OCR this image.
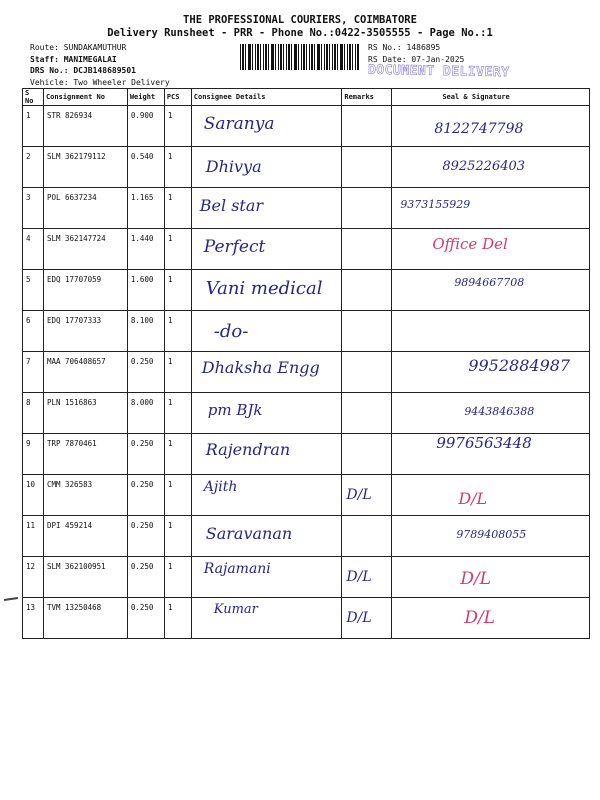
THE PROFESSIONAL COURIERS, COIMBATORE
Delivery Runsheet - PRR - Phone No.:0422-3505555 - Page No.:1
Route: SUNDAKAMUTHUR
Staff: MANIMEGALAI
DRS No.: DCJB148689501
Vehicle: Two Wheeler Delivery
RS No.: 1486895
RS Date: 07-Jan-2025
DOCUMENT DELIVERY
S No	Consignment No	Weight	PCS	Consignee Details	Remarks	Seal & Signature
1	STR 826934	0.900	1	Saranya		8122747798

2	SLM 362179112	0.540	1	Dhivya		8925226403

3	POL 6637234	1.165	1	Bel star		9373155929

4	SLM 362147724	1.440	1	Perfect		Office Del

5	EDQ 17707059	1.600	1	Vani medical		9894667708

6	EDQ 17707333	8.100	1	-do-		

7	MAA 706408657	0.250	1	Dhaksha Engg		9952884987

8	PLN 1516863	8.000	1	pm BJk		9443846388

9	TRP 7870461	0.250	1	Rajendran		9976563448

10	CMM 326583	0.250	1	Ajith	D/L	D/L

11	DPI 459214	0.250	1	Saravanan		9789408055

12	SLM 362100951	0.250	1	Rajamani	D/L	D/L

13	TVM 13250468	0.250	1	Kumar	D/L	D/L
